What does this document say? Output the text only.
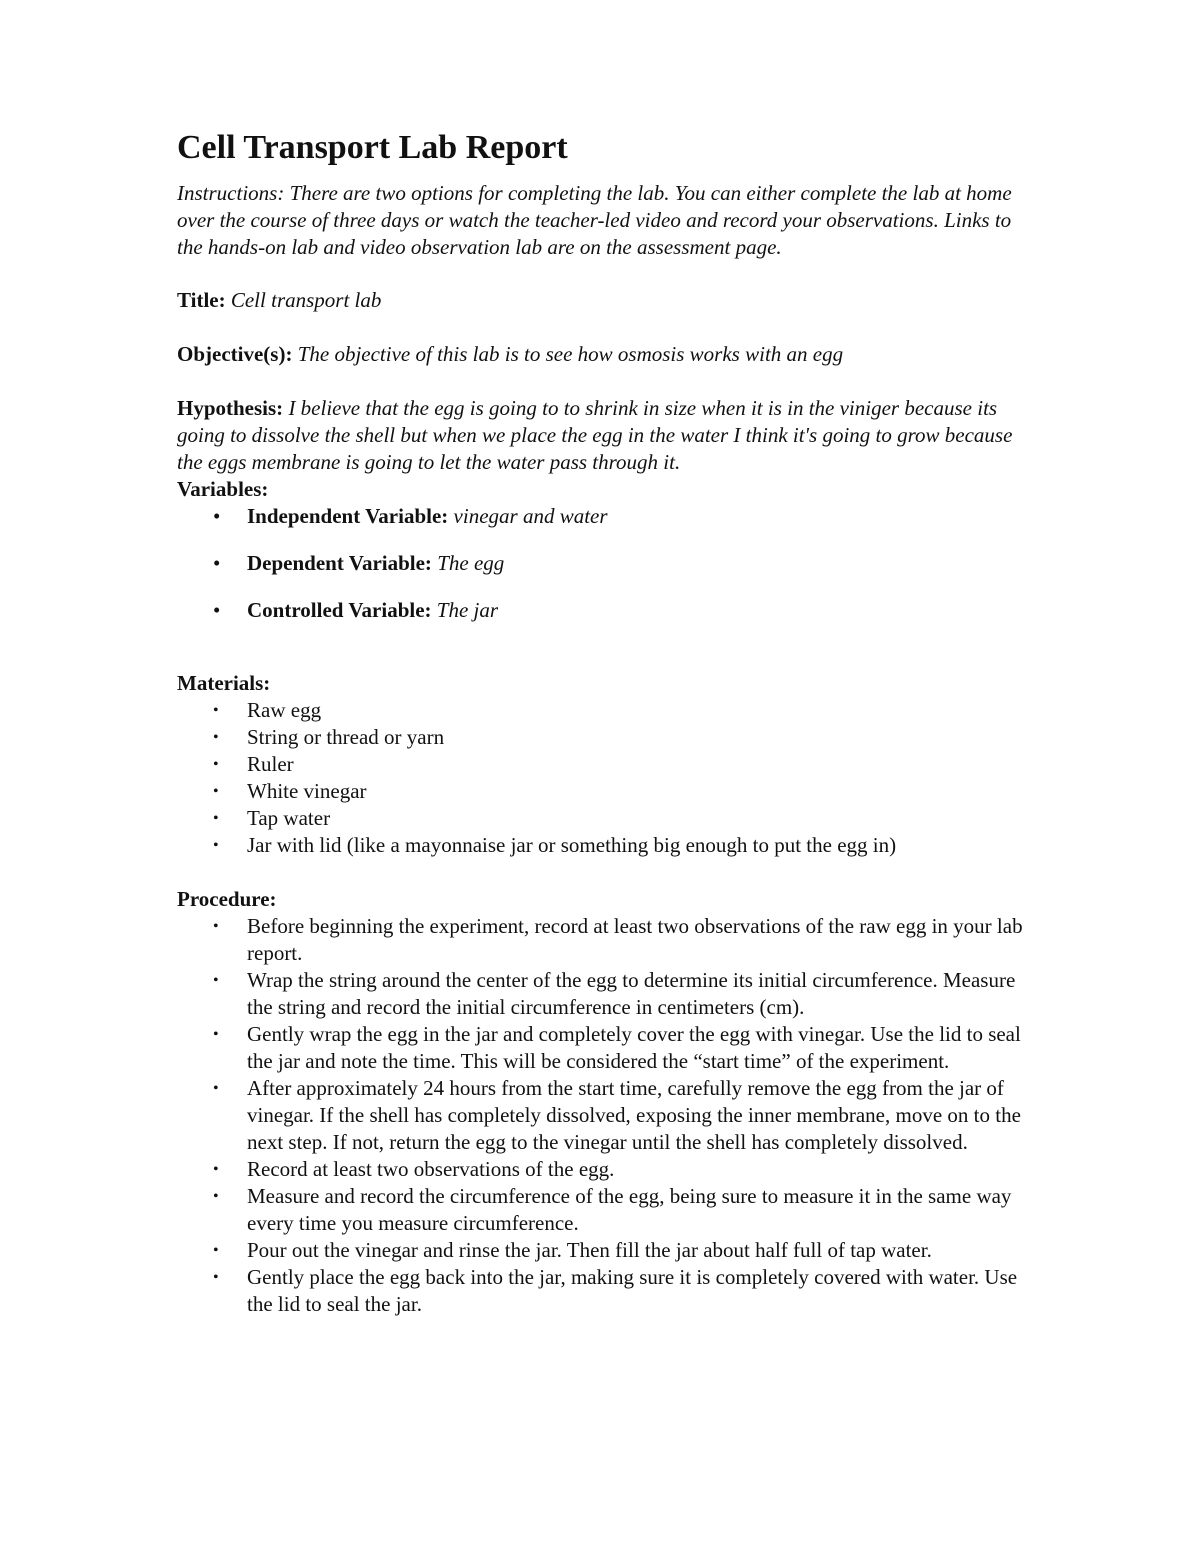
Cell Transport Lab Report

Instructions: There are two options for completing the lab. You can either complete the lab at home over the course of three days or watch the teacher-led video and record your observations. Links to the hands-on lab and video observation lab are on the assessment page.

Title: Cell transport lab

Objective(s): The objective of this lab is to see how osmosis works with an egg

Hypothesis: I believe that the egg is going to to shrink in size when it is in the viniger because its going to dissolve the shell but when we place the egg in the water I think it's going to grow because the eggs membrane is going to let the water pass through it.

Variables:

• Independent Variable: vinegar and water
• Dependent Variable: The egg
• Controlled Variable: The jar

Materials:

• Raw egg
• String or thread or yarn
• Ruler
• White vinegar
• Tap water
• Jar with lid (like a mayonnaise jar or something big enough to put the egg in)

Procedure:

• Before beginning the experiment, record at least two observations of the raw egg in your lab report.
• Wrap the string around the center of the egg to determine its initial circumference. Measure the string and record the initial circumference in centimeters (cm).
• Gently wrap the egg in the jar and completely cover the egg with vinegar. Use the lid to seal the jar and note the time. This will be considered the “start time” of the experiment.
• After approximately 24 hours from the start time, carefully remove the egg from the jar of vinegar. If the shell has completely dissolved, exposing the inner membrane, move on to the next step. If not, return the egg to the vinegar until the shell has completely dissolved.
• Record at least two observations of the egg.
• Measure and record the circumference of the egg, being sure to measure it in the same way every time you measure circumference.
• Pour out the vinegar and rinse the jar. Then fill the jar about half full of tap water.
• Gently place the egg back into the jar, making sure it is completely covered with water. Use the lid to seal the jar.
